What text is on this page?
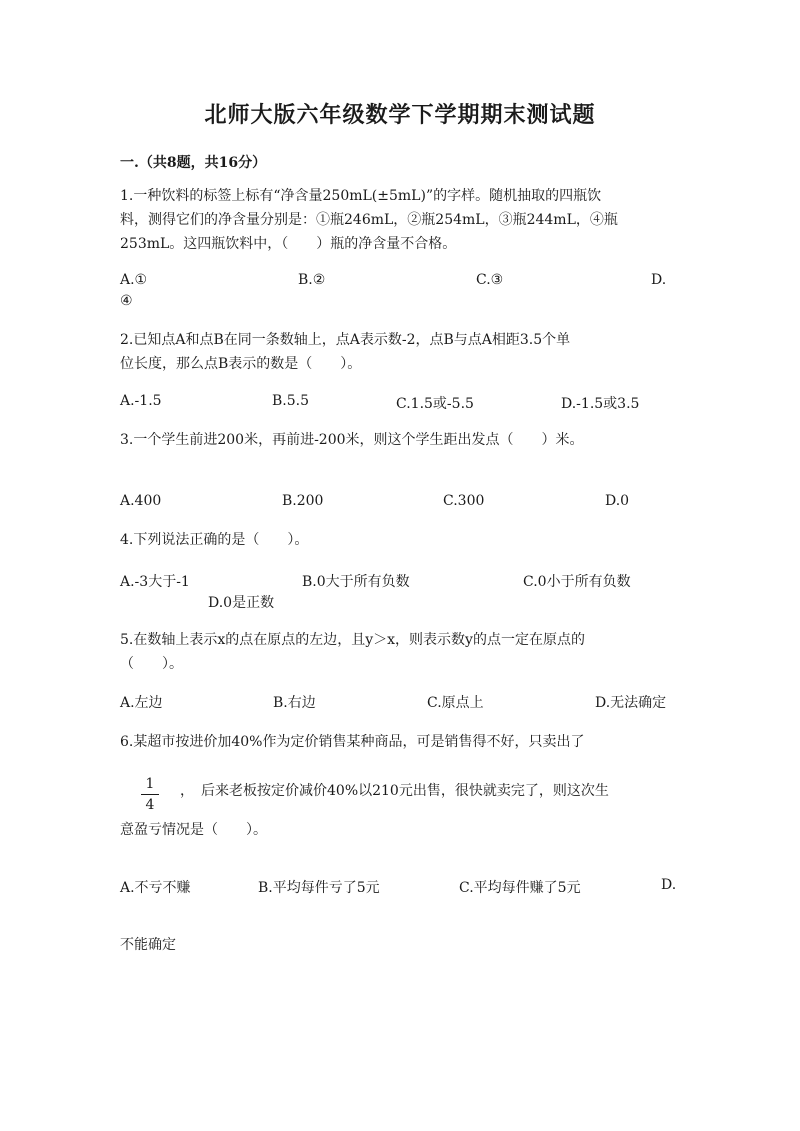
北师大版六年级数学下学期期末测试题
一.（共8题，共16分）
1.一种饮料的标签上标有“净含量250mL(±5mL)”的字样。随机抽取的四瓶饮
料，测得它们的净含量分别是：①瓶246mL，②瓶254mL，③瓶244mL，④瓶
253mL。这四瓶饮料中，（　　）瓶的净含量不合格。
A.①	B.②	C.③	D.
④
2.已知点A和点B在同一条数轴上，点A表示数-2，点B与点A相距3.5个单
位长度，那么点B表示的数是（　　）。
A.-1.5	B.5.5	C.1.5或-5.5	D.-1.5或3.5
3.一个学生前进200米，再前进-200米，则这个学生距出发点（　　）米。
A.400	B.200	C.300	D.0
4.下列说法正确的是（　　）。
A.-3大于-1	B.0大于所有负数	C.0小于所有负数
D.0是正数
5.在数轴上表示x的点在原点的左边，且y＞x，则表示数y的点一定在原点的
（　　）。
A.左边	B.右边	C.原点上	D.无法确定
6.某超市按进价加40%作为定价销售某种商品，可是销售得不好，只卖出了
1
4
，　后来老板按定价减价40%以210元出售，很快就卖完了，则这次生
意盈亏情况是（　　）。
A.不亏不赚	B.平均每件亏了5元	C.平均每件赚了5元	D.
不能确定
